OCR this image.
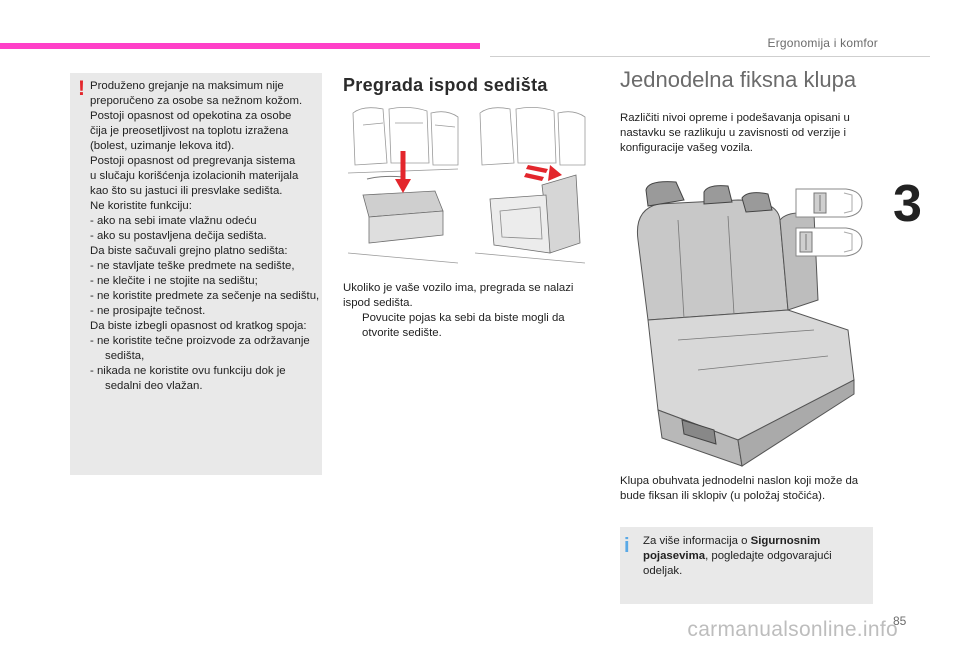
Ergonomija i komfor
3
85
! Produženo grejanje na maksimum nije
preporučeno za osobe sa nežnom kožom.
Postoji opasnost od opekotina za osobe
čija je preosetljivost na toplotu izražena
(bolest, uzimanje lekova itd).
Postoji opasnost od pregrevanja sistema
u slučaju korišćenja izolacionih materijala
kao što su jastuci ili presvlake sedišta.
Ne koristite funkciju:
- ako na sebi imate vlažnu odeću
- ako su postavljena dečija sedišta.
Da biste sačuvali grejno platno sedišta:
- ne stavljate teške predmete na sedište,
- ne klečite i ne stojite na sedištu;
- ne koristite predmete za sečenje na sedištu,
- ne prosipajte tečnost.
Da biste izbegli opasnost od kratkog spoja:
- ne koristite tečne proizvode za održavanje sedišta,
- nikada ne koristite ovu funkciju dok je sedalni deo vlažan.
Pregrada ispod sedišta
Ukoliko je vaše vozilo ima, pregrada se nalazi ispod sedišta.
Povucite pojas ka sebi da biste mogli da otvorite sedište.
Jednodelna fiksna klupa
Različiti nivoi opreme i podešavanja opisani u nastavku se razlikuju u zavisnosti od verzije i konfiguracije vašeg vozila.
Klupa obuhvata jednodelni naslon koji može da bude fiksan ili sklopiv (u položaj stočića).
i Za više informacija o Sigurnosnim pojasevima, pogledajte odgovarajući odeljak.
carmanualsonline.info
